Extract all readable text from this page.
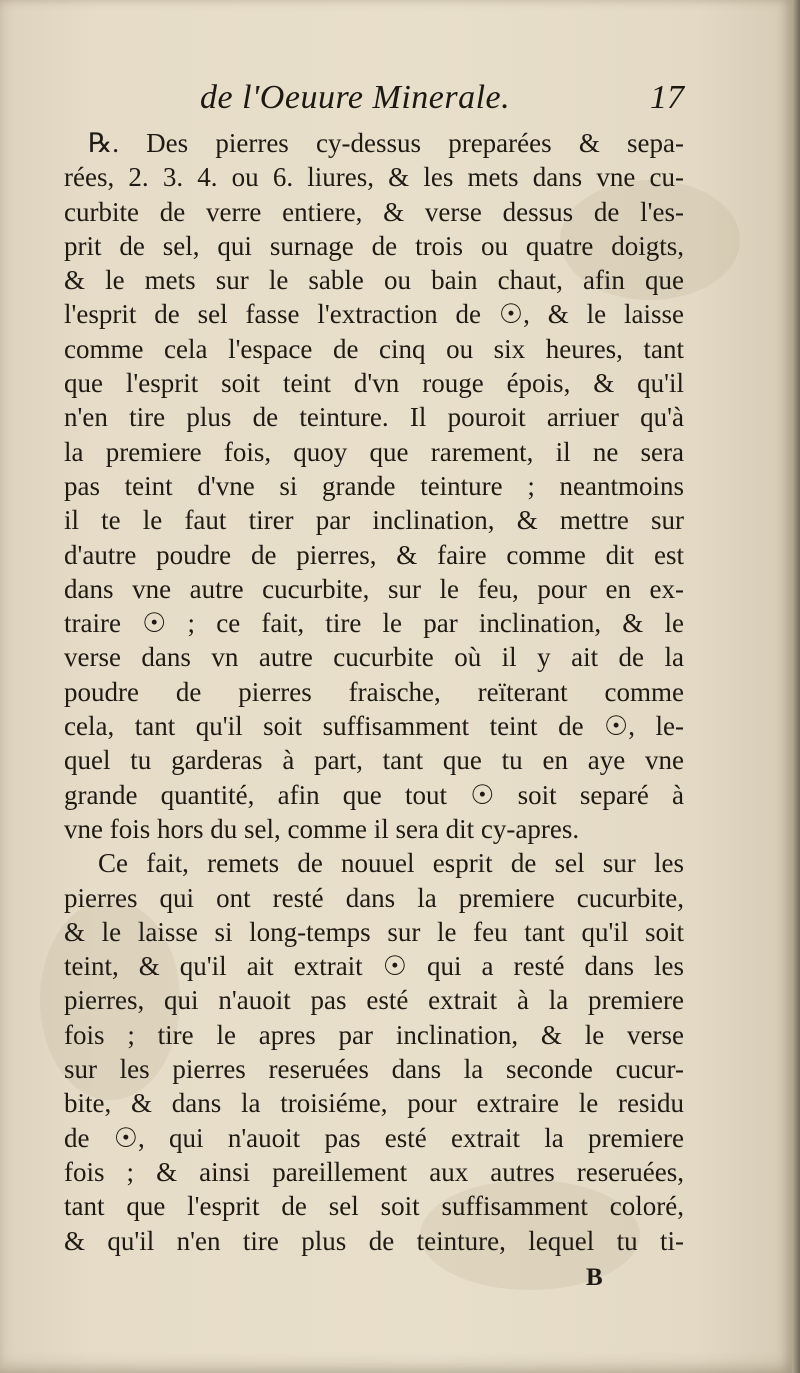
de l'Oeuure Minerale.	17
℞. Des pierres cy-dessus preparées & sepa-
rées, 2. 3. 4. ou 6. liures, & les mets dans vne cu-
curbite de verre entiere, & verse dessus de l'es-
prit de sel, qui surnage de trois ou quatre doigts,
& le mets sur le sable ou bain chaut, afin que
l'esprit de sel fasse l'extraction de ☉, & le laisse
comme cela l'espace de cinq ou six heures, tant
que l'esprit soit teint d'vn rouge épois, & qu'il
n'en tire plus de teinture. Il pouroit arriuer qu'à
la premiere fois, quoy que rarement, il ne sera
pas teint d'vne si grande teinture ; neantmoins
il te le faut tirer par inclination, & mettre sur
d'autre poudre de pierres, & faire comme dit est
dans vne autre cucurbite, sur le feu, pour en ex-
traire ☉ ; ce fait, tire le par inclination, & le
verse dans vn autre cucurbite où il y ait de la
poudre de pierres fraische, reïterant comme
cela, tant qu'il soit suffisamment teint de ☉, le-
quel tu garderas à part, tant que tu en aye vne
grande quantité, afin que tout ☉ soit separé à
vne fois hors du sel, comme il sera dit cy-apres.
Ce fait, remets de nouuel esprit de sel sur les
pierres qui ont resté dans la premiere cucurbite,
& le laisse si long-temps sur le feu tant qu'il soit
teint, & qu'il ait extrait ☉ qui a resté dans les
pierres, qui n'auoit pas esté extrait à la premiere
fois ; tire le apres par inclination, & le verse
sur les pierres reseruées dans la seconde cucur-
bite, & dans la troisiéme, pour extraire le residu
de ☉, qui n'auoit pas esté extrait la premiere
fois ; & ainsi pareillement aux autres reseruées,
tant que l'esprit de sel soit suffisamment coloré,
& qu'il n'en tire plus de teinture, lequel tu ti-
B
